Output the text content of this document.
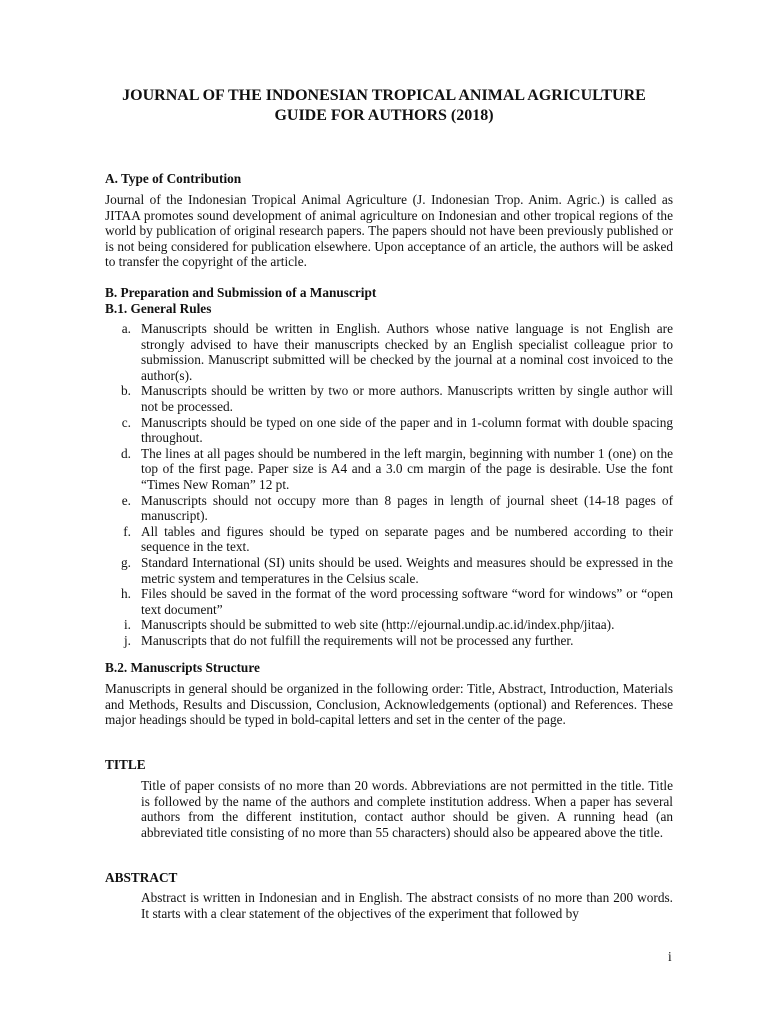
JOURNAL OF THE INDONESIAN TROPICAL ANIMAL AGRICULTURE
GUIDE FOR AUTHORS (2018)
A. Type of Contribution
Journal of the Indonesian Tropical Animal Agriculture (J. Indonesian Trop. Anim. Agric.) is called as JITAA promotes sound development of animal agriculture on Indonesian and other tropical regions of the world by publication of original research papers. The papers should not have been previously published or is not being considered for publication elsewhere. Upon acceptance of an article, the authors will be asked to transfer the copyright of the article.
B. Preparation and Submission of a Manuscript
B.1. General Rules
a. Manuscripts should be written in English. Authors whose native language is not English are strongly advised to have their manuscripts checked by an English specialist colleague prior to submission. Manuscript submitted will be checked by the journal at a nominal cost invoiced to the author(s).
b. Manuscripts should be written by two or more authors. Manuscripts written by single author will not be processed.
c. Manuscripts should be typed on one side of the paper and in 1-column format with double spacing throughout.
d. The lines at all pages should be numbered in the left margin, beginning with number 1 (one) on the top of the first page. Paper size is A4 and a 3.0 cm margin of the page is desirable. Use the font “Times New Roman” 12 pt.
e. Manuscripts should not occupy more than 8 pages in length of journal sheet (14-18 pages of manuscript).
f. All tables and figures should be typed on separate pages and be numbered according to their sequence in the text.
g. Standard International (SI) units should be used. Weights and measures should be expressed in the metric system and temperatures in the Celsius scale.
h. Files should be saved in the format of the word processing software “word for windows” or “open text document”
i. Manuscripts should be submitted to web site (http://ejournal.undip.ac.id/index.php/jitaa).
j. Manuscripts that do not fulfill the requirements will not be processed any further.
B.2. Manuscripts Structure
Manuscripts in general should be organized in the following order: Title, Abstract, Introduction, Materials and Methods, Results and Discussion, Conclusion, Acknowledgements (optional) and References. These major headings should be typed in bold-capital letters and set in the center of the page.
TITLE
Title of paper consists of no more than 20 words. Abbreviations are not permitted in the title. Title is followed by the name of the authors and complete institution address. When a paper has several authors from the different institution, contact author should be given. A running head (an abbreviated title consisting of no more than 55 characters) should also be appeared above the title.
ABSTRACT
Abstract is written in Indonesian and in English. The abstract consists of no more than 200 words. It starts with a clear statement of the objectives of the experiment that followed by
i
